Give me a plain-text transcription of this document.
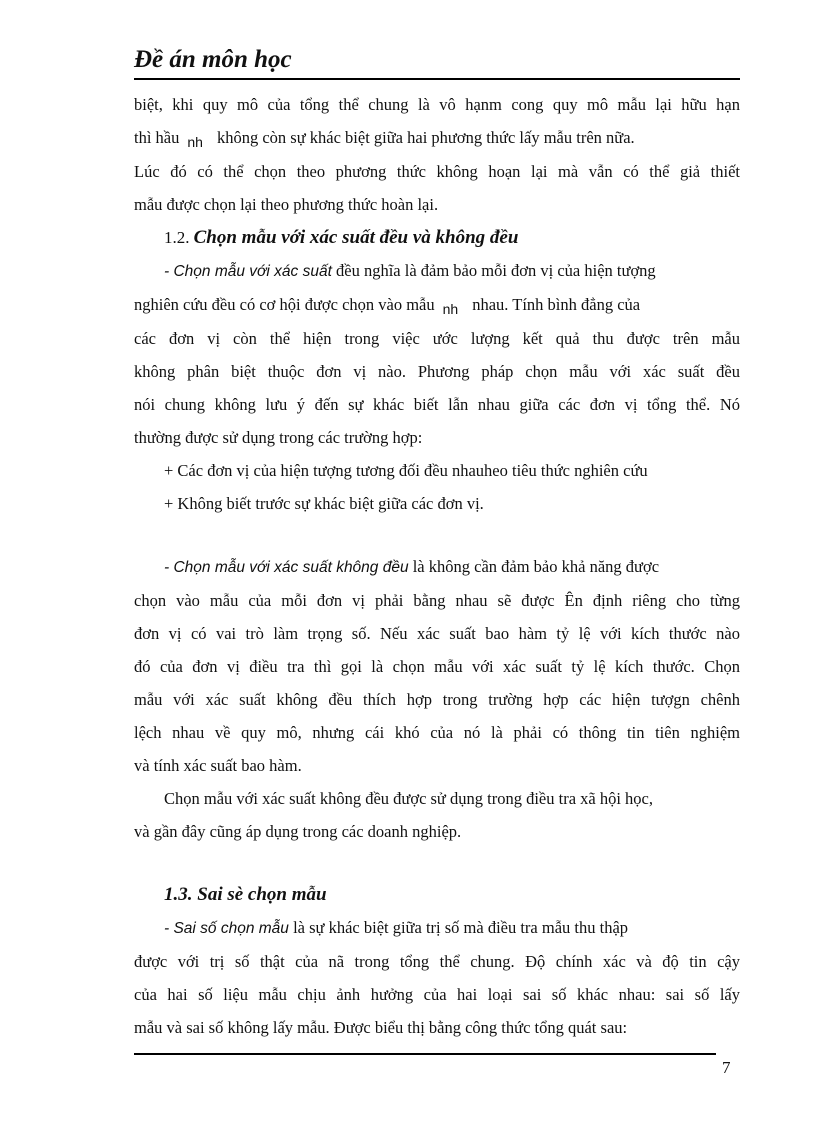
Đề án môn học

biệt, khi quy mô của tổng thể chung là vô hạnm cong quy mô mẫu lại hữu hạn
thì hầu $_{nh}$ không còn sự khác biệt giữa hai phương thức lấy mẫu trên nữa.
Lúc đó có thể chọn theo phương thức không hoạn lại mà vẫn có thể giả thiết
mẫu được chọn lại theo phương thức hoàn lại.

1.2. Chọn mẫu với xác suất đều và không đều

- Chọn mẫu với xác suất đều nghĩa là đảm bảo mỗi đơn vị của hiện tượng
nghiên cứu đều có cơ hội được chọn vào mẫu $_{nh}$ nhau. Tính bình đẳng của
các đơn vị còn thể hiện trong việc ước lượng kết quả thu được trên mẫu
không phân biệt thuộc đơn vị nào. Phương pháp chọn mẫu với xác suất đều
nói chung không lưu ý đến sự khác biết lẫn nhau giữa các đơn vị tổng thể. Nó
thường được sử dụng trong các trường hợp:

+ Các đơn vị của hiện tượng tương đối đều nhauheo tiêu thức nghiên cứu
+ Không biết trước sự khác biệt giữa các đơn vị.

- Chọn mẫu với xác suất không đều là không cần đảm bảo khả năng được
chọn vào mẫu của mỗi đơn vị phải bằng nhau sẽ được Ên định riêng cho từng
đơn vị có vai trò làm trọng số. Nếu xác suất bao hàm tỷ lệ với kích thước nào
đó của đơn vị điều tra thì gọi là chọn mẫu với xác suất tỷ lệ kích thước. Chọn
mẫu với xác suất không đều thích hợp trong trường hợp các hiện tượgn chênh
lệch nhau về quy mô, nhưng cái khó của nó là phải có thông tin tiên nghiệm
và tính xác suất bao hàm.

Chọn mẫu với xác suất không đều được sử dụng trong điều tra xã hội học,
và gần đây cũng áp dụng trong các doanh nghiệp.

1.3. Sai sè chọn mẫu

- Sai số chọn mẫu là sự khác biệt giữa trị số mà điều tra mẫu thu thập
được với trị số thật của nã trong tổng thể chung. Độ chính xác và độ tin cậy
của hai số liệu mẫu chịu ảnh hưởng của hai loại sai số khác nhau: sai số lấy
mẫu và sai số không lấy mẫu. Được biểu thị bằng công thức tổng quát sau:

7
